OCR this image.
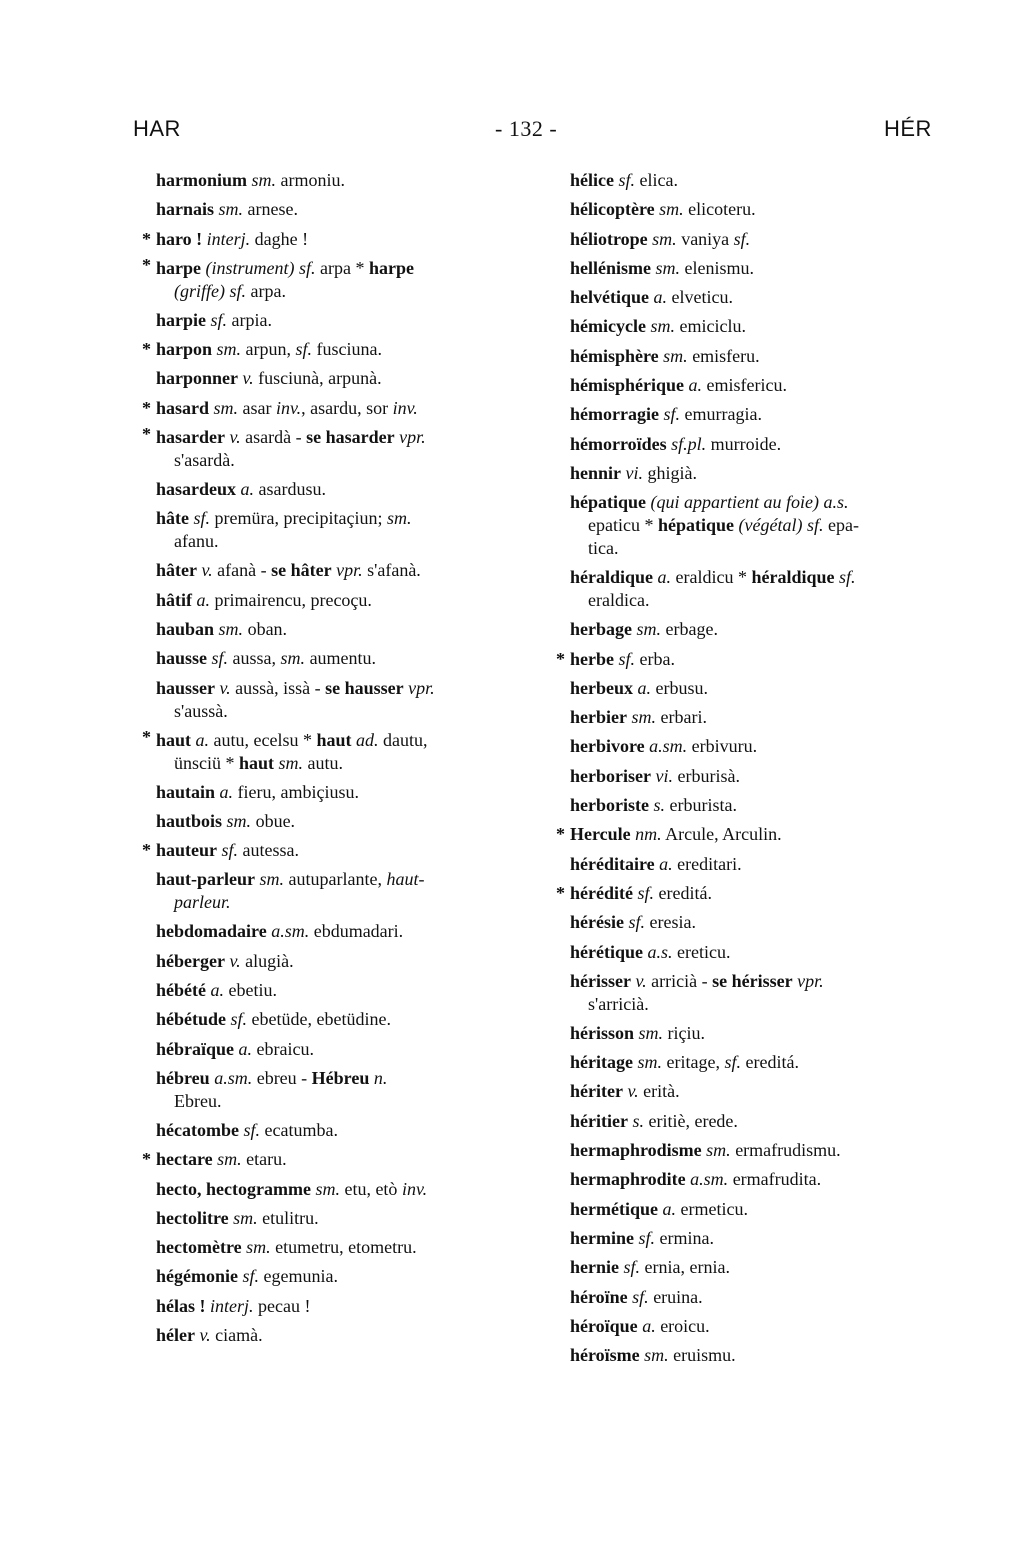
HAR	- 132 -	HÉR

harmonium sm. armoniu.

harnais sm. arnese.

* haro ! interj. daghe !

* harpe (instrument) sf. arpa * harpe
(griffe) sf. arpa.

harpie sf. arpia.

* harpon sm. arpun, sf. fusciuna.

harponner v. fusciunà, arpunà.

* hasard sm. asar inv., asardu, sor inv.

* hasarder v. asardà - se hasarder vpr.
s'asardà.

hasardeux a. asardusu.

hâte sf. premüra, precipitaçiun; sm.
afanu.

hâter v. afanà - se hâter vpr. s'afanà.

hâtif a. primairencu, precoçu.

hauban sm. oban.

hausse sf. aussa, sm. aumentu.

hausser v. aussà, issà - se hausser vpr.
s'aussà.

* haut a. autu, ecelsu * haut ad. dautu,
ünsciü * haut sm. autu.

hautain a. fieru, ambiçiusu.

hautbois sm. obue.

* hauteur sf. autessa.

haut-parleur sm. autuparlante, haut-
parleur.

hebdomadaire a.sm. ebdumadari.

héberger v. alugià.

hébété a. ebetiu.

hébétude sf. ebetüde, ebetüdine.

hébraïque a. ebraicu.

hébreu a.sm. ebreu - Hébreu n.
Ebreu.

hécatombe sf. ecatumba.

* hectare sm. etaru.

hecto, hectogramme sm. etu, etò inv.

hectolitre sm. etulitru.

hectomètre sm. etumetru, etometru.

hégémonie sf. egemunia.

hélas ! interj. pecau !

héler v. ciamà.

hélice sf. elica.

hélicoptère sm. elicoteru.

héliotrope sm. vaniya sf.

hellénisme sm. elenismu.

helvétique a. elveticu.

hémicycle sm. emiciclu.

hémisphère sm. emisferu.

hémisphérique a. emisfericu.

hémorragie sf. emurragia.

hémorroïdes sf.pl. murroide.

hennir vi. ghigià.

hépatique (qui appartient au foie) a.s.
epaticu * hépatique (végétal) sf. epa-
tica.

héraldique a. eraldicu * héraldique sf.
eraldica.

herbage sm. erbage.

* herbe sf. erba.

herbeux a. erbusu.

herbier sm. erbari.

herbivore a.sm. erbivuru.

herboriser vi. erburisà.

herboriste s. erburista.

* Hercule nm. Arcule, Arculin.

héréditaire a. ereditari.

* hérédité sf. ereditá.

hérésie sf. eresia.

hérétique a.s. ereticu.

hérisser v. arricià - se hérisser vpr.
s'arricià.

hérisson sm. riçiu.

héritage sm. eritage, sf. ereditá.

hériter v. erità.

héritier s. eritiè, erede.

hermaphrodisme sm. ermafrudismu.

hermaphrodite a.sm. ermafrudita.

hermétique a. ermeticu.

hermine sf. ermina.

hernie sf. ernia, ernia.

héroïne sf. eruina.

héroïque a. eroicu.

héroïsme sm. eruismu.
